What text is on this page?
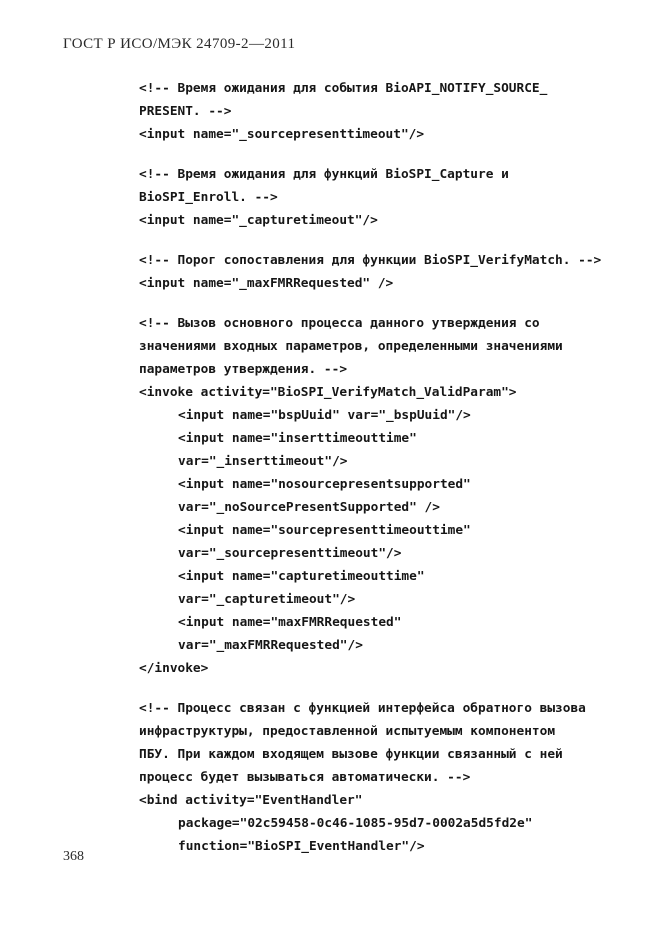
ГОСТ Р ИСО/МЭК 24709-2—2011
<!-- Время ожидания для события BioAPI_NOTIFY_SOURCE_
PRESENT. -->
<input name="_sourcepresenttimeout"/>
<!-- Время ожидания для функций BioSPI_Capture и
BioSPI_Enroll. -->
<input name="_capturetimeout"/>
<!-- Порог сопоставления для функции BioSPI_VerifyMatch. -->
<input name="_maxFMRRequested" />
<!-- Вызов основного процесса данного утверждения со
значениями входных параметров, определенными значениями
параметров утверждения. -->
<invoke activity="BioSPI_VerifyMatch_ValidParam">
<input name="bspUuid" var="_bspUuid"/>
<input name="inserttimeouttime"
var="_inserttimeout"/>
<input name="nosourcepresentsupported"
var="_noSourcePresentSupported" />
<input name="sourcepresenttimeouttime"
var="_sourcepresenttimeout"/>
<input name="capturetimeouttime"
var="_capturetimeout"/>
<input name="maxFMRRequested"
var="_maxFMRRequested"/>
</invoke>
<!-- Процесс связан с функцией интерфейса обратного вызова
инфраструктуры, предоставленной испытуемым компонентом
ПБУ. При каждом входящем вызове функции связанный с ней
процесс будет вызываться автоматически. -->
<bind activity="EventHandler"
package="02c59458-0c46-1085-95d7-0002a5d5fd2e"
function="BioSPI_EventHandler"/>
368
